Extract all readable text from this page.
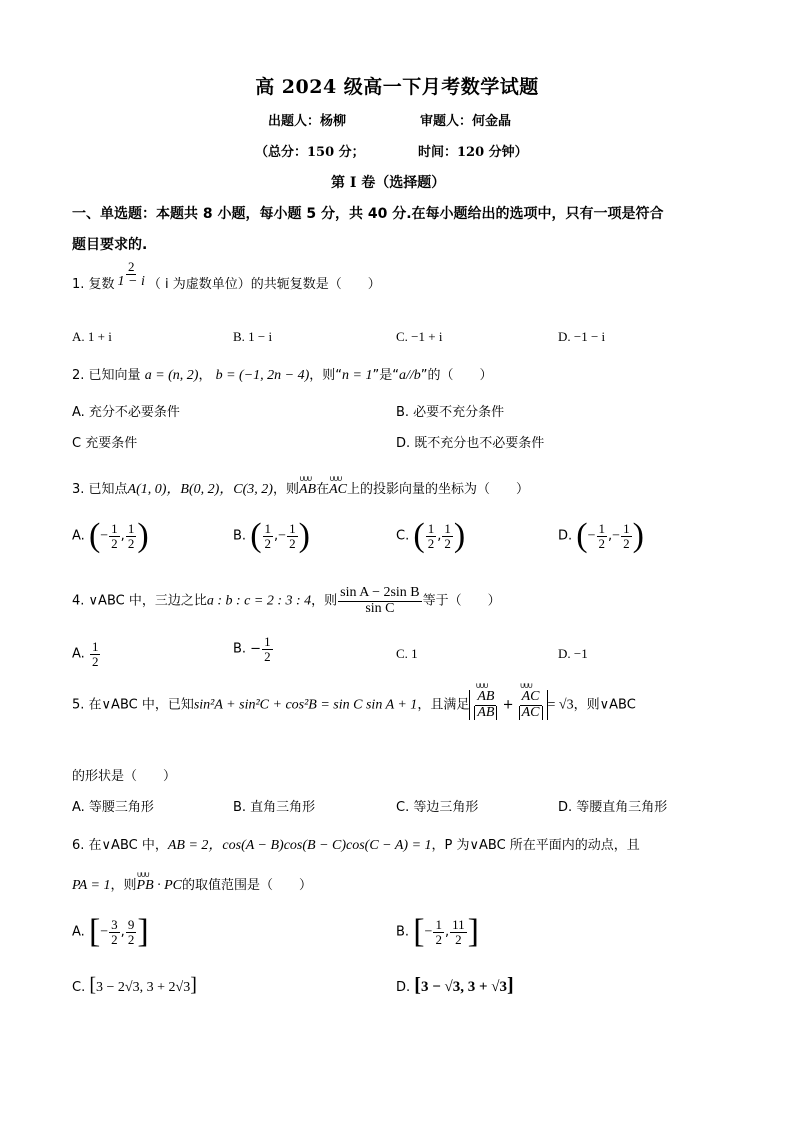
高 2024 级高一下月考数学试题
出题人：杨柳	审题人：何金晶
（总分：150 分；	时间：120 分钟）
第 I 卷（选择题）
一、单选题：本题共 8 小题，每小题 5 分，共 40 分.在每小题给出的选项中，只有一项是符合
题目要求的.
1. 复数 $\frac{2}{1 - i}$ （ i 为虚数单位）的共轭复数是（　　）
A. 1 + i	B. 1 − i	C. −1 + i	D. −1 − i
2. 已知向量 a = (n, 2)， b = (−1, 2n − 4)，则“n = 1”是“a//b”的（　　）
A. 充分不必要条件	B. 必要不充分条件
C 充要条件	D. 既不充分也不必要条件
3. 已知点A(1, 0)，B(0, 2)，C(3, 2)，则∪∪∪ AB在∪∪∪ AC上的投影向量的坐标为（　　）
A. (− $\frac{1}{2}$ , $\frac{1}{2}$ )	B. ( $\frac{1}{2}$ ,− $\frac{1}{2}$ )	C. ( $\frac{1}{2}$ , $\frac{1}{2}$ )	D. (− $\frac{1}{2}$ ,− $\frac{1}{2}$ )
4. ∨ABC 中，三边之比a : b : c = 2 : 3 : 4，则 $\frac{\text{sin A − 2sin B}}{\text{sin C}}$ 等于（　　）
A. $\frac{1}{2}$	B. − $\frac{1}{2}$	C. 1	D. −1
5. 在∨ABC 中，已知sin²A + sin²C + cos²B = sin C sin A + 1，且满足 ∪∪∪ $\frac{AB}{AB}$ + ∪∪∪ $\frac{AC}{AC} = √3$，则∨ABC
的形状是（　　）
A. 等腰三角形	B. 直角三角形	C. 等边三角形	D. 等腰直角三角形
6. 在∨ABC 中，AB = 2，cos(A − B)cos(B − C)cos(C − A) = 1，P 为∨ABC 所在平面内的动点，且
PA = 1，则∪∪∪ PB · PC的取值范围是（　　）
A. [− $\frac{3}{2}$ , $\frac{9}{2}$ ]	B. [− $\frac{1}{2}$ , $\frac{11}{2}$ ]
C. [3 − 2√3, 3 + 2√3]	D. [3 − √3, 3 + √3]
